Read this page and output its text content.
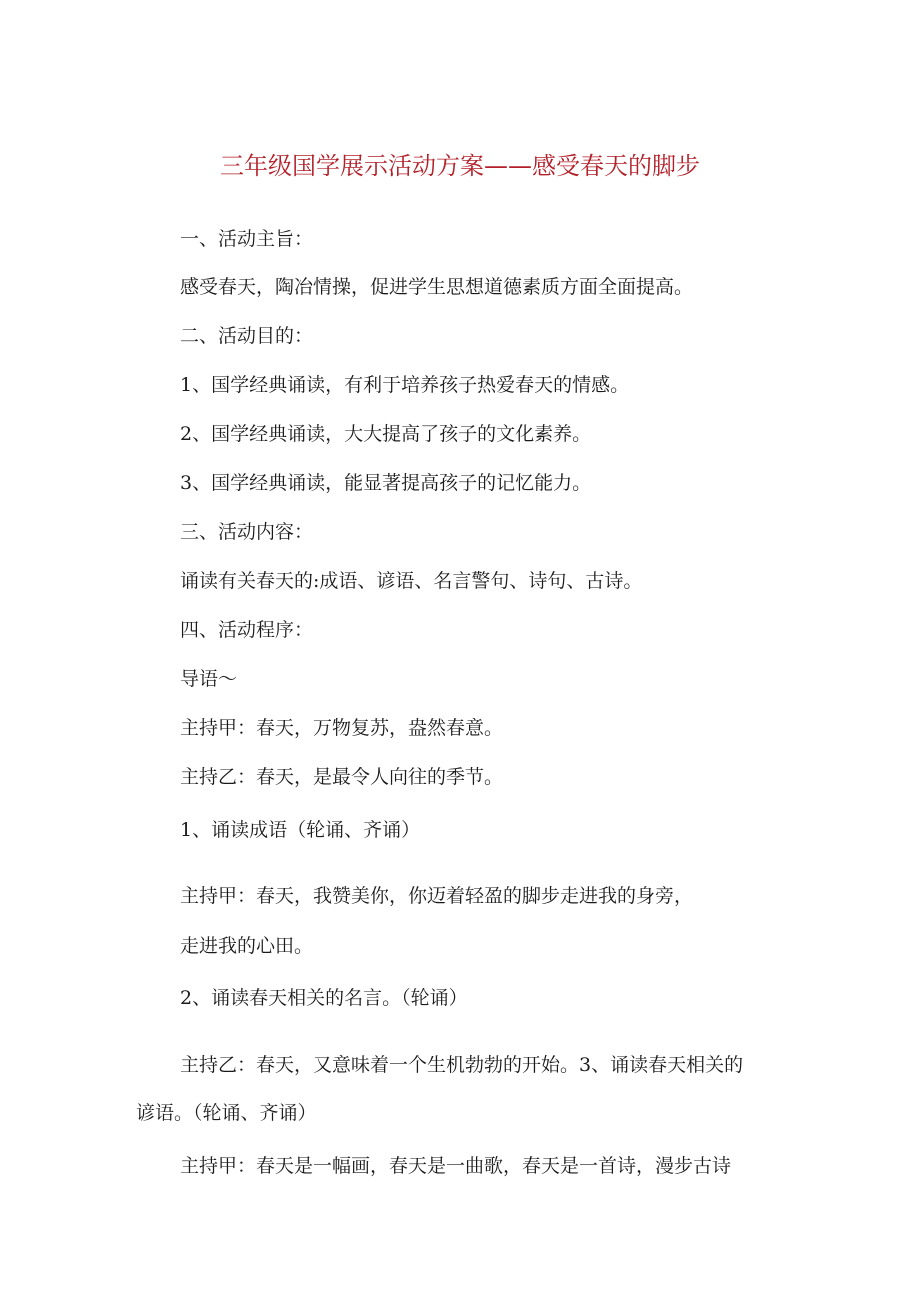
三年级国学展示活动方案——感受春天的脚步
一、活动主旨：
感受春天，陶冶情操，促进学生思想道德素质方面全面提高。
二、活动目的：
1、国学经典诵读，有利于培养孩子热爱春天的情感。
2、国学经典诵读，大大提高了孩子的文化素养。
3、国学经典诵读，能显著提高孩子的记忆能力。
三、活动内容：
诵读有关春天的:成语、谚语、名言警句、诗句、古诗。
四、活动程序：
导语～
主持甲：春天，万物复苏，盎然春意。
主持乙：春天，是最令人向往的季节。
1、诵读成语（轮诵、齐诵）
主持甲：春天，我赞美你，你迈着轻盈的脚步走进我的身旁，
走进我的心田。
2、诵读春天相关的名言。（轮诵）
主持乙：春天，又意味着一个生机勃勃的开始。3、诵读春天相关的
谚语。（轮诵、齐诵）
主持甲：春天是一幅画，春天是一曲歌，春天是一首诗，漫步古诗
